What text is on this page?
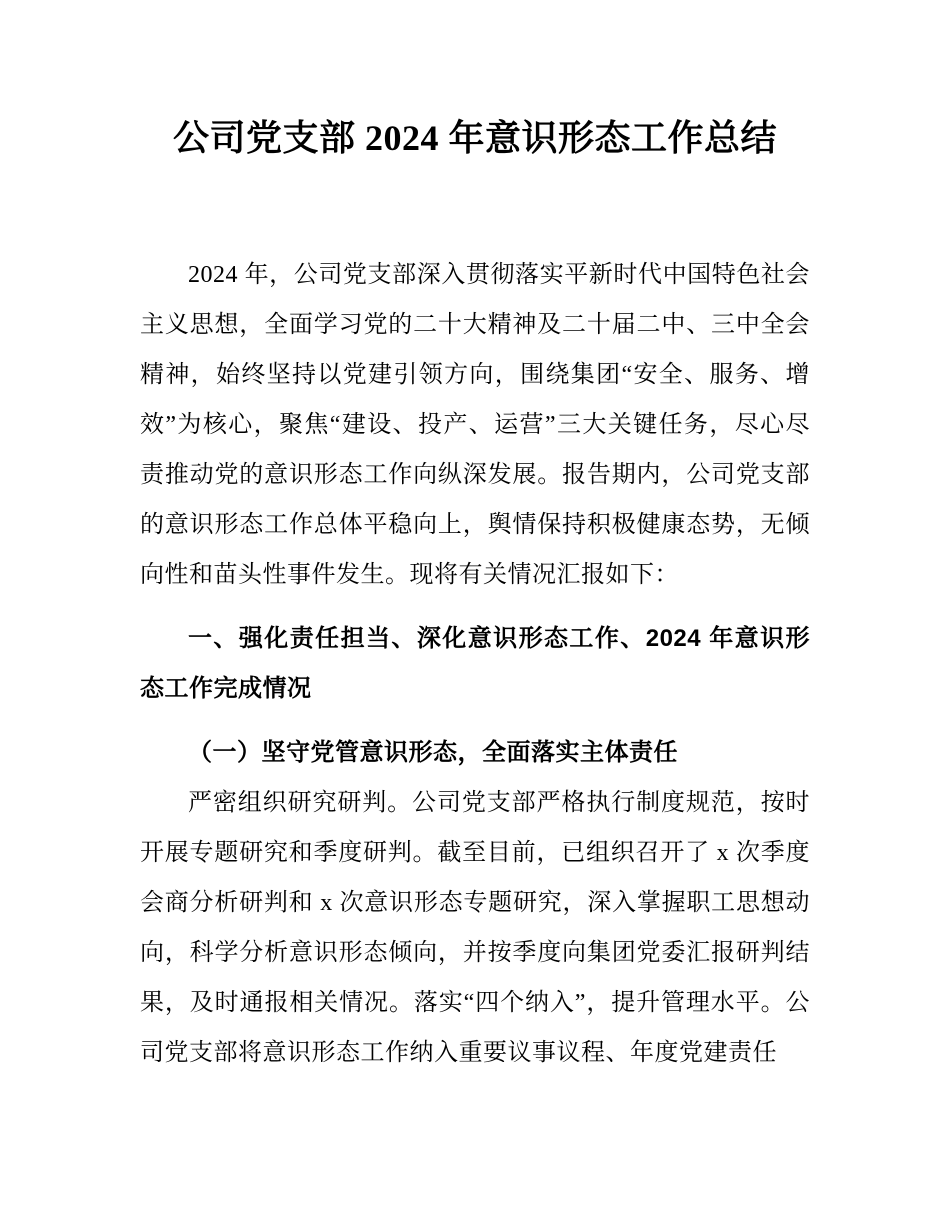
公司党支部 2024 年意识形态工作总结

2024 年，公司党支部深入贯彻落实平新时代中国特色社会主义思想，全面学习党的二十大精神及二十届二中、三中全会精神，始终坚持以党建引领方向，围绕集团“安全、服务、增效”为核心，聚焦“建设、投产、运营”三大关键任务，尽心尽责推动党的意识形态工作向纵深发展。报告期内，公司党支部的意识形态工作总体平稳向上，舆情保持积极健康态势，无倾向性和苗头性事件发生。现将有关情况汇报如下：

一、强化责任担当、深化意识形态工作、2024 年意识形态工作完成情况
（一）坚守党管意识形态，全面落实主体责任

严密组织研究研判。公司党支部严格执行制度规范，按时开展专题研究和季度研判。截至目前，已组织召开了 x 次季度会商分析研判和 x 次意识形态专题研究，深入掌握职工思想动向，科学分析意识形态倾向，并按季度向集团党委汇报研判结果，及时通报相关情况。落实“四个纳入”，提升管理水平。公司党支部将意识形态工作纳入重要议事议程、年度党建责任
